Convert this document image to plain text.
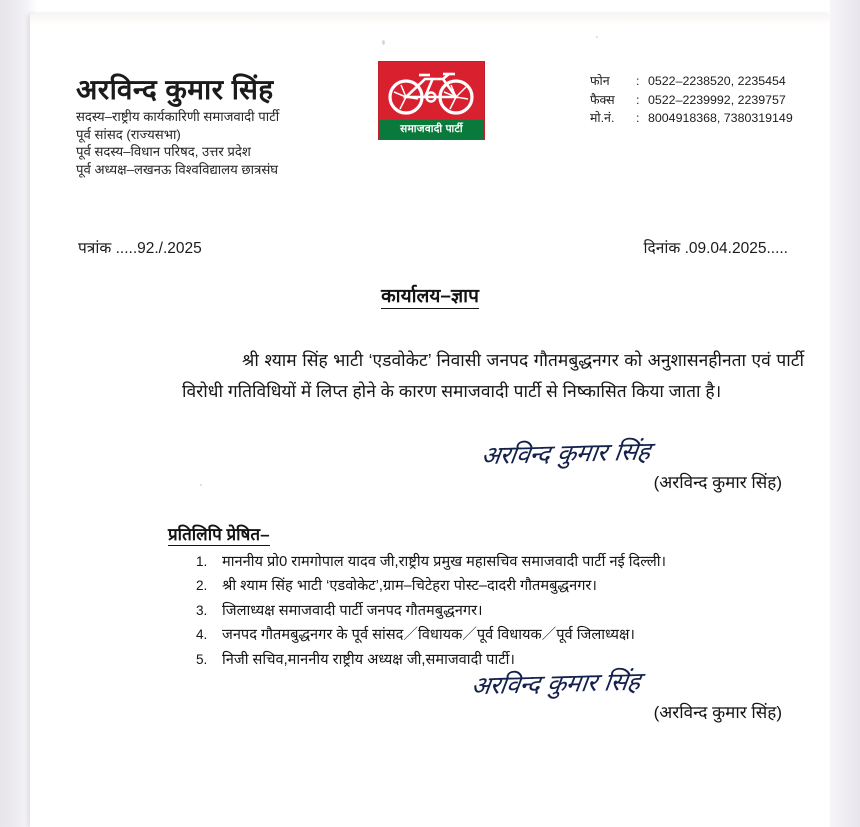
अरविन्द कुमार सिंह
सदस्य–राष्ट्रीय कार्यकारिणी समाजवादी पार्टी
पूर्व सांसद (राज्यसभा)
पूर्व सदस्य–विधान परिषद, उत्तर प्रदेश
पूर्व अध्यक्ष–लखनऊ विश्वविद्यालय छात्रसंघ
समाजवादी पार्टी
फोन : 0522–2238520, 2235454
फैक्स : 0522–2239992, 2239757
मो.नं. : 8004918368, 7380319149
पत्रांक .....92./.2025	दिनांक .09.04.2025.....
कार्यालय–ज्ञाप
श्री श्याम सिंह भाटी ‘एडवोकेट’ निवासी जनपद गौतमबुद्धनगर को अनुशासनहीनता एवं पार्टी विरोधी गतिविधियों में लिप्त होने के कारण समाजवादी पार्टी से निष्कासित किया जाता है।
अरविन्द कुमार सिंह
(अरविन्द कुमार सिंह)
प्रतिलिपि प्रेषित–
1.	माननीय प्रो0 रामगोपाल यादव जी,राष्ट्रीय प्रमुख महासचिव समाजवादी पार्टी नई दिल्ली।
2.	श्री श्याम सिंह भाटी ‘एडवोकेट’,ग्राम–चिटेहरा पोस्ट–दादरी गौतमबुद्धनगर।
3.	जिलाध्यक्ष समाजवादी पार्टी जनपद गौतमबुद्धनगर।
4.	जनपद गौतमबुद्धनगर के पूर्व सांसद／विधायक／पूर्व विधायक／पूर्व जिलाध्यक्ष।
5.	निजी सचिव,माननीय राष्ट्रीय अध्यक्ष जी,समाजवादी पार्टी।
अरविन्द कुमार सिंह
(अरविन्द कुमार सिंह)
